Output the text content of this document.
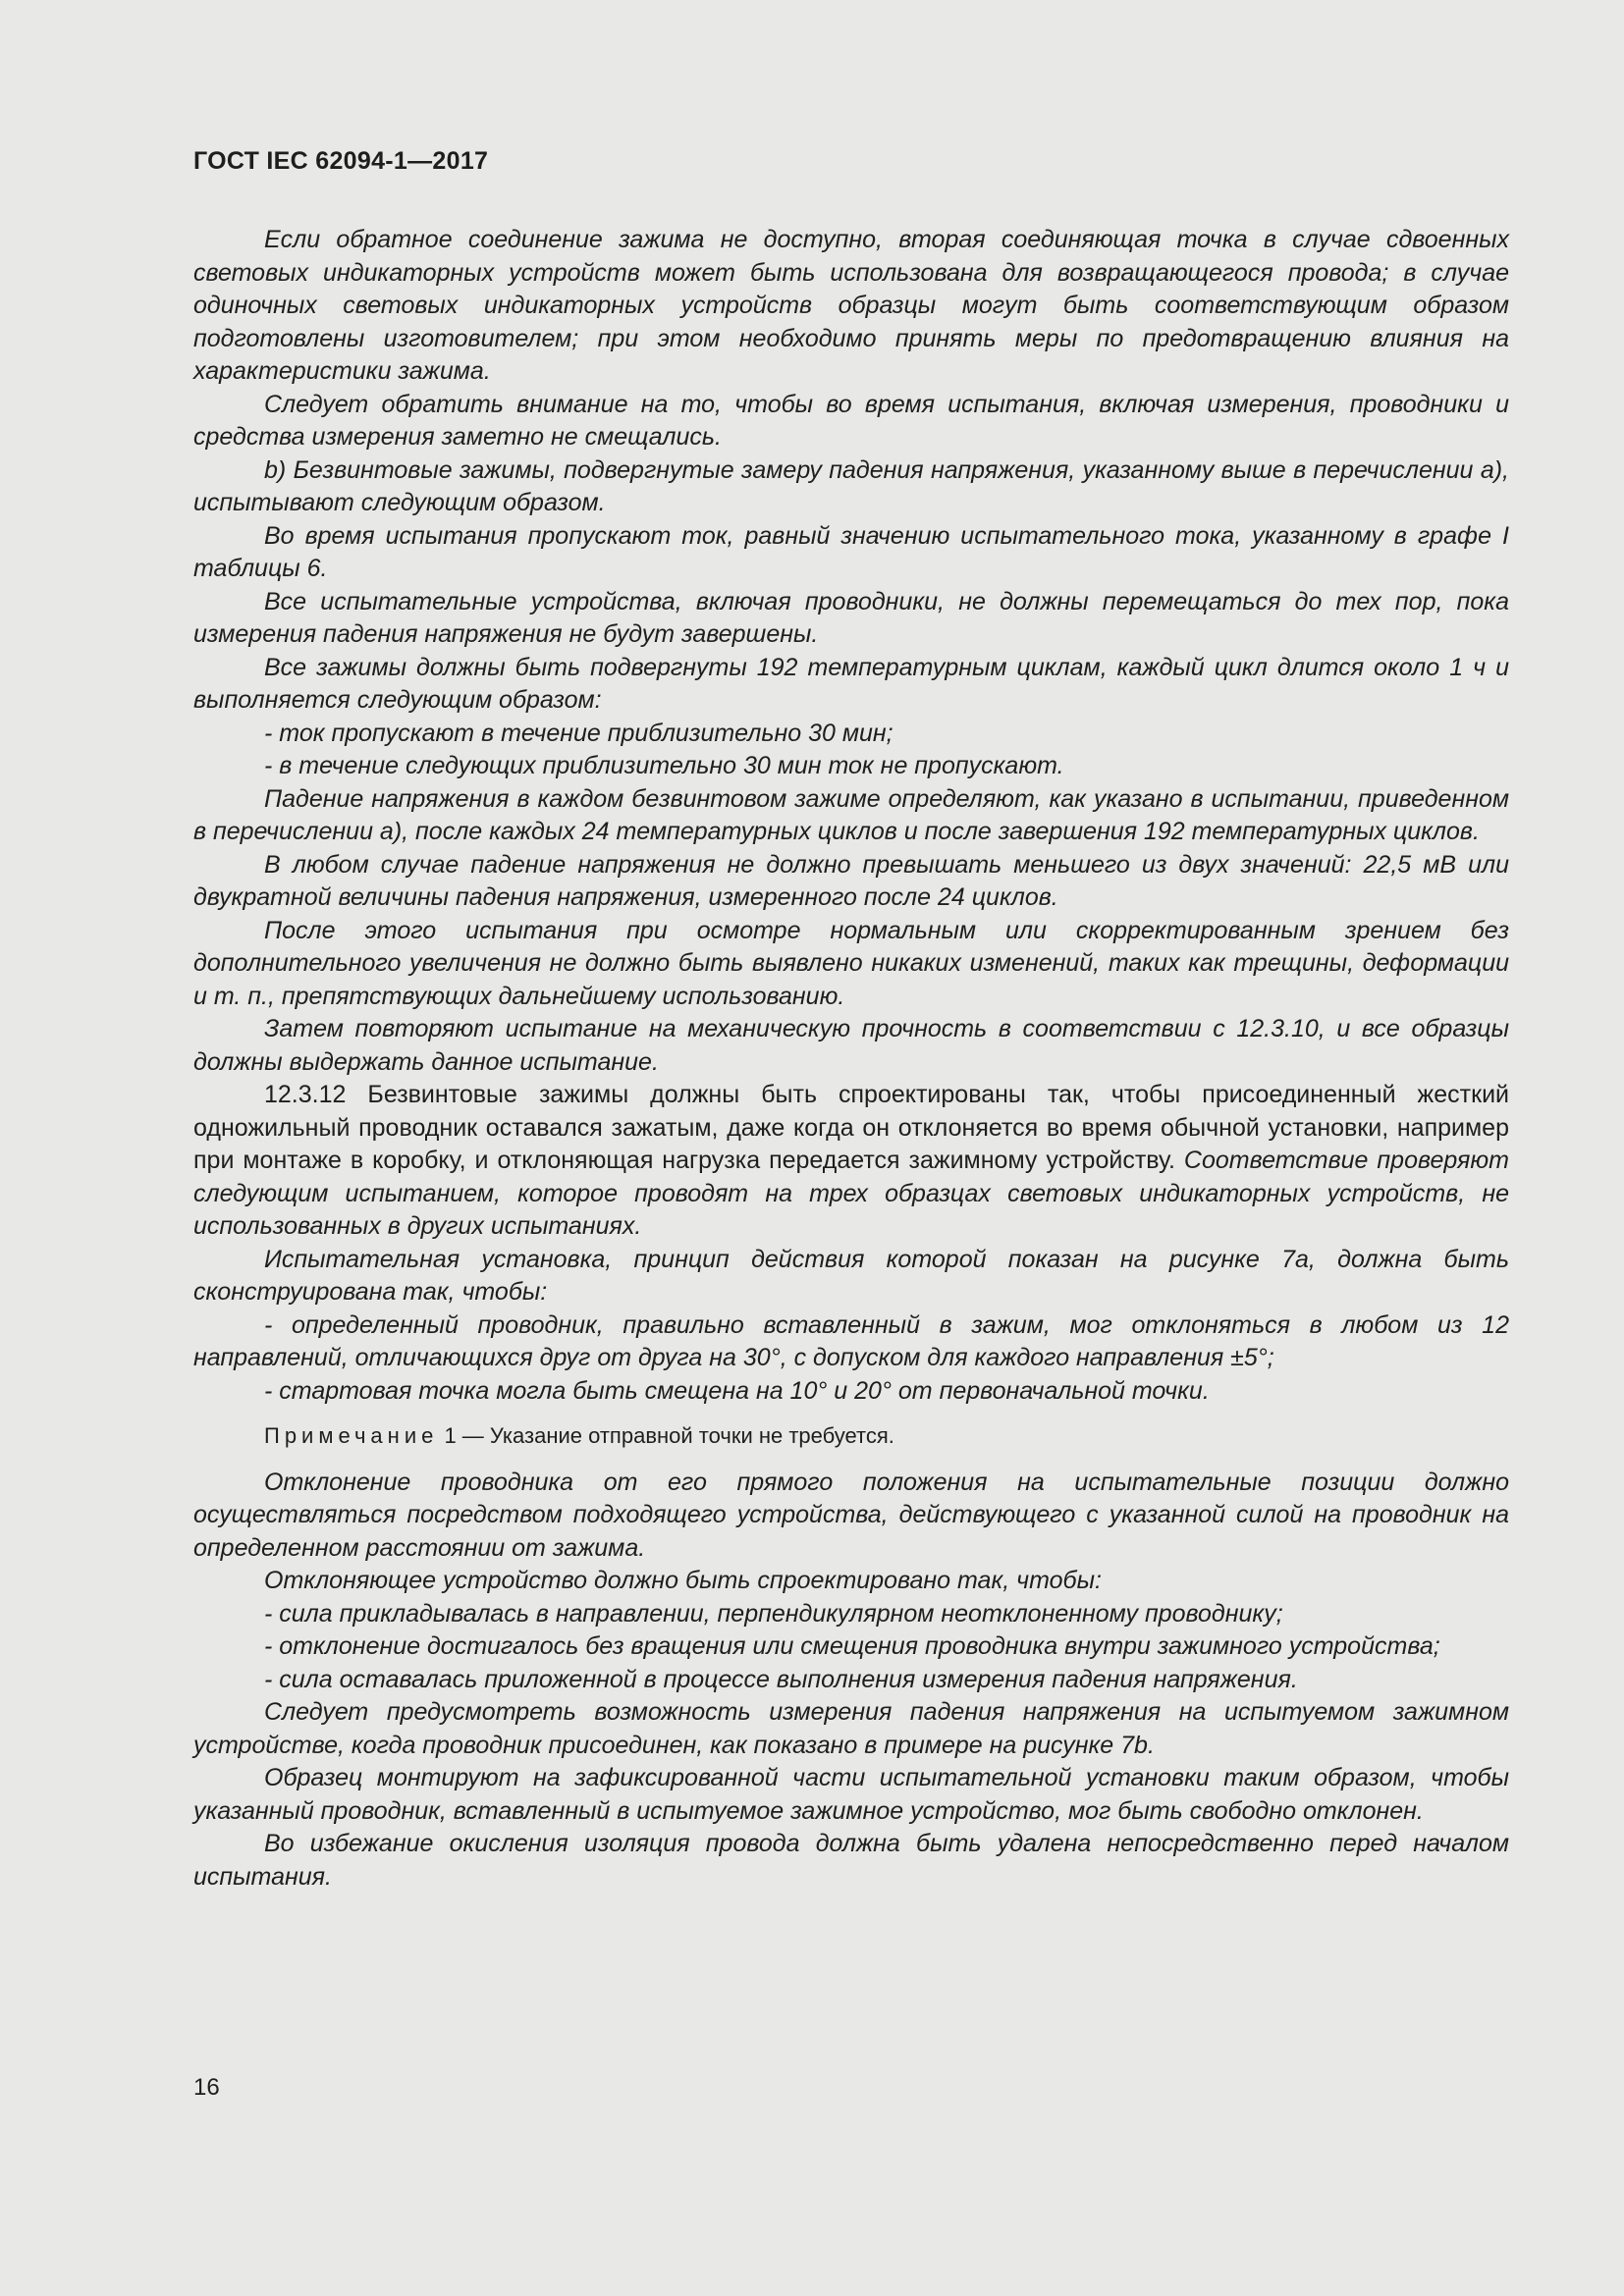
ГОСТ IEC 62094-1—2017

Если обратное соединение зажима не доступно, вторая соединяющая точка в случае сдвоенных световых индикаторных устройств может быть использована для возвращающегося провода; в случае одиночных световых индикаторных устройств образцы могут быть соответствующим образом подготовлены изготовителем; при этом необходимо принять меры по предотвращению влияния на характеристики зажима.

Следует обратить внимание на то, чтобы во время испытания, включая измерения, проводники и средства измерения заметно не смещались.

b) Безвинтовые зажимы, подвергнутые замеру падения напряжения, указанному выше в перечислении а), испытывают следующим образом.

Во время испытания пропускают ток, равный значению испытательного тока, указанному в графе I таблицы 6.

Все испытательные устройства, включая проводники, не должны перемещаться до тех пор, пока измерения падения напряжения не будут завершены.

Все зажимы должны быть подвергнуты 192 температурным циклам, каждый цикл длится около 1 ч и выполняется следующим образом:

- ток пропускают в течение приблизительно 30 мин;

- в течение следующих приблизительно 30 мин ток не пропускают.

Падение напряжения в каждом безвинтовом зажиме определяют, как указано в испытании, приведенном в перечислении а), после каждых 24 температурных циклов и после завершения 192 температурных циклов.

В любом случае падение напряжения не должно превышать меньшего из двух значений: 22,5 мВ или двукратной величины падения напряжения, измеренного после 24 циклов.

После этого испытания при осмотре нормальным или скорректированным зрением без дополнительного увеличения не должно быть выявлено никаких изменений, таких как трещины, деформации и т. п., препятствующих дальнейшему использованию.

Затем повторяют испытание на механическую прочность в соответствии с 12.3.10, и все образцы должны выдержать данное испытание.

12.3.12 Безвинтовые зажимы должны быть спроектированы так, чтобы присоединенный жесткий одножильный проводник оставался зажатым, даже когда он отклоняется во время обычной установки, например при монтаже в коробку, и отклоняющая нагрузка передается зажимному устройству. Соответствие проверяют следующим испытанием, которое проводят на трех образцах световых индикаторных устройств, не использованных в других испытаниях.

Испытательная установка, принцип действия которой показан на рисунке 7а, должна быть сконструирована так, чтобы:

- определенный проводник, правильно вставленный в зажим, мог отклоняться в любом из 12 направлений, отличающихся друг от друга на 30°, с допуском для каждого направления ±5°;

- стартовая точка могла быть смещена на 10° и 20° от первоначальной точки.

Примечание 1 — Указание отправной точки не требуется.

Отклонение проводника от его прямого положения на испытательные позиции должно осуществляться посредством подходящего устройства, действующего с указанной силой на проводник на определенном расстоянии от зажима.

Отклоняющее устройство должно быть спроектировано так, чтобы:

- сила прикладывалась в направлении, перпендикулярном неотклоненному проводнику;

- отклонение достигалось без вращения или смещения проводника внутри зажимного устройства;

- сила оставалась приложенной в процессе выполнения измерения падения напряжения.

Следует предусмотреть возможность измерения падения напряжения на испытуемом зажимном устройстве, когда проводник присоединен, как показано в примере на рисунке 7b.

Образец монтируют на зафиксированной части испытательной установки таким образом, чтобы указанный проводник, вставленный в испытуемое зажимное устройство, мог быть свободно отклонен.

Во избежание окисления изоляция провода должна быть удалена непосредственно перед началом испытания.

16
